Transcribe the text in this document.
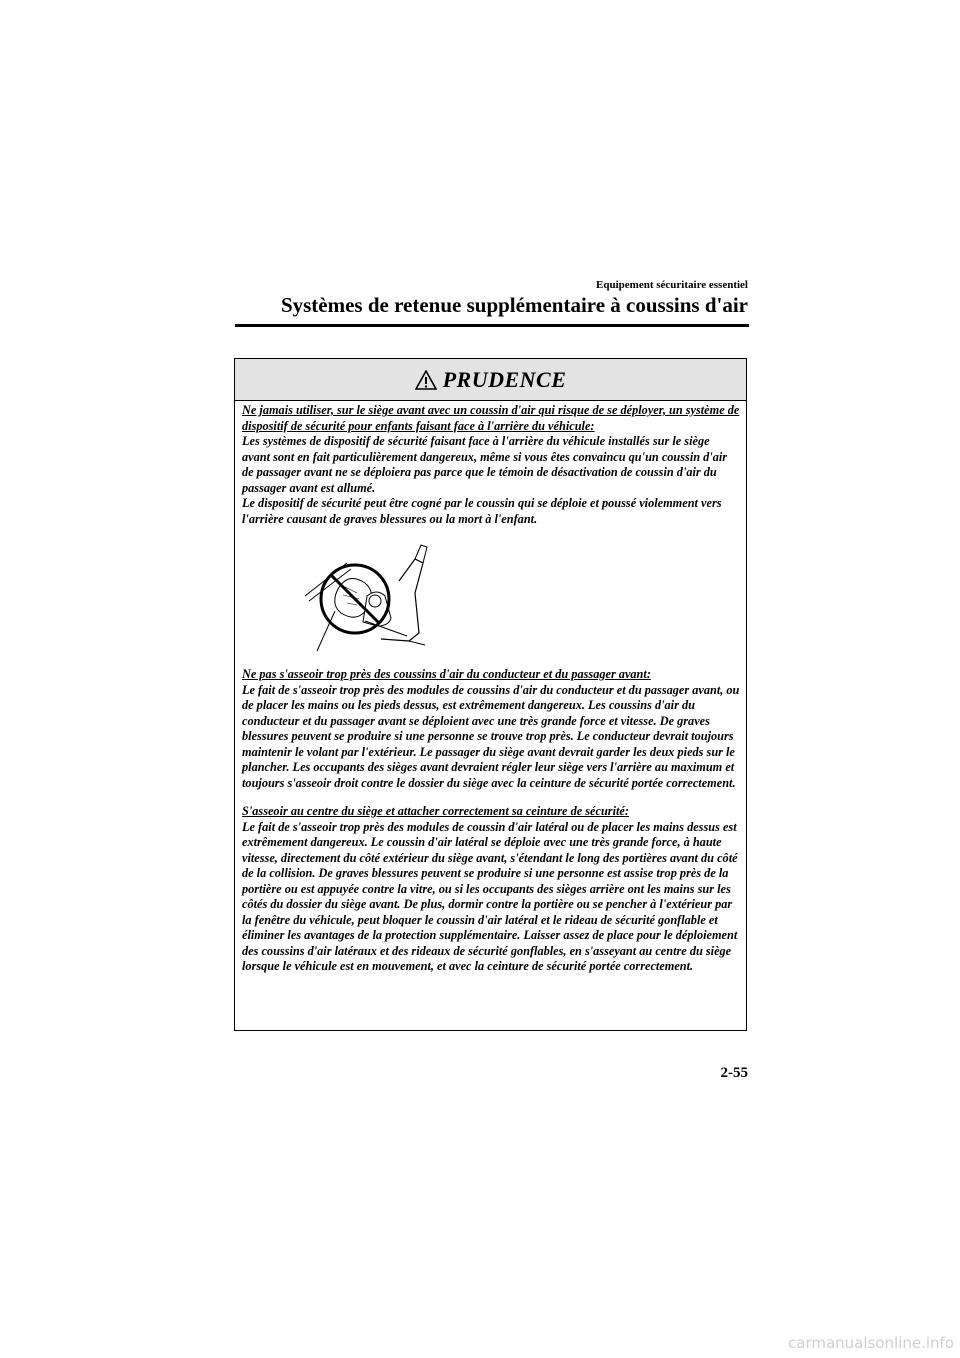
Equipement sécuritaire essentiel
Systèmes de retenue supplémentaire à coussins d'air
PRUDENCE

Ne jamais utiliser, sur le siège avant avec un coussin d'air qui risque de se déployer, un système de dispositif de sécurité pour enfants faisant face à l'arrière du véhicule:

Les systèmes de dispositif de sécurité faisant face à l'arrière du véhicule installés sur le siège avant sont en fait particulièrement dangereux, même si vous êtes convaincu qu'un coussin d'air de passager avant ne se déploiera pas parce que le témoin de désactivation de coussin d'air du passager avant est allumé.

Le dispositif de sécurité peut être cogné par le coussin qui se déploie et poussé violemment vers l'arrière causant de graves blessures ou la mort à l'enfant.

Ne pas s'asseoir trop près des coussins d'air du conducteur et du passager avant:

Le fait de s'asseoir trop près des modules de coussins d'air du conducteur et du passager avant, ou de placer les mains ou les pieds dessus, est extrêmement dangereux. Les coussins d'air du conducteur et du passager avant se déploient avec une très grande force et vitesse. De graves blessures peuvent se produire si une personne se trouve trop près. Le conducteur devrait toujours maintenir le volant par l'extérieur. Le passager du siège avant devrait garder les deux pieds sur le plancher. Les occupants des sièges avant devraient régler leur siège vers l'arrière au maximum et toujours s'asseoir droit contre le dossier du siège avec la ceinture de sécurité portée correctement.

S'asseoir au centre du siège et attacher correctement sa ceinture de sécurité:

Le fait de s'asseoir trop près des modules de coussin d'air latéral ou de placer les mains dessus est extrêmement dangereux. Le coussin d'air latéral se déploie avec une très grande force, à haute vitesse, directement du côté extérieur du siège avant, s'étendant le long des portières avant du côté de la collision. De graves blessures peuvent se produire si une personne est assise trop près de la portière ou est appuyée contre la vitre, ou si les occupants des sièges arrière ont les mains sur les côtés du dossier du siège avant. De plus, dormir contre la portière ou se pencher à l'extérieur par la fenêtre du véhicule, peut bloquer le coussin d'air latéral et le rideau de sécurité gonflable et éliminer les avantages de la protection supplémentaire. Laisser assez de place pour le déploiement des coussins d'air latéraux et des rideaux de sécurité gonflables, en s'asseyant au centre du siège lorsque le véhicule est en mouvement, et avec la ceinture de sécurité portée correctement.

2-55
carmanualsonline.info
